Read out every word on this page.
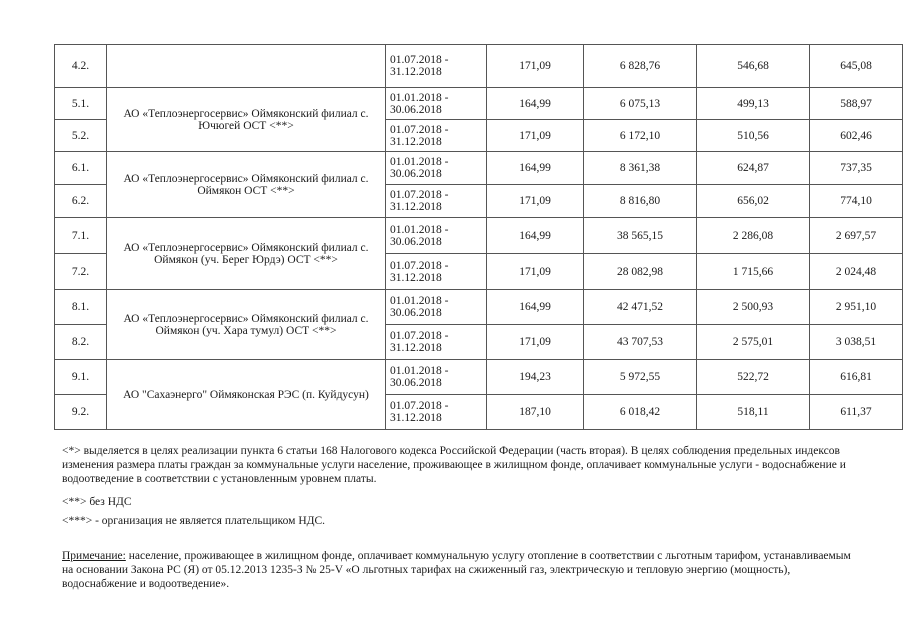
4.2.		01.07.2018 - 31.12.2018	171,09	6 828,76	546,68	645,08
5.1.	АО «Теплоэнергосервис» Оймяконский филиал с. Ючюгей ОСТ <**>	01.01.2018 - 30.06.2018	164,99	6 075,13	499,13	588,97
5.2.		01.07.2018 - 31.12.2018	171,09	6 172,10	510,56	602,46
6.1.	АО «Теплоэнергосервис» Оймяконский филиал с. Оймякон ОСТ <**>	01.01.2018 - 30.06.2018	164,99	8 361,38	624,87	737,35
6.2.		01.07.2018 - 31.12.2018	171,09	8 816,80	656,02	774,10
7.1.	АО «Теплоэнергосервис» Оймяконский филиал с. Оймякон (уч. Берег Юрдэ) ОСТ <**>	01.01.2018 - 30.06.2018	164,99	38 565,15	2 286,08	2 697,57
7.2.		01.07.2018 - 31.12.2018	171,09	28 082,98	1 715,66	2 024,48
8.1.	АО «Теплоэнергосервис» Оймяконский филиал с. Оймякон (уч. Хара тумул) ОСТ <**>	01.01.2018 - 30.06.2018	164,99	42 471,52	2 500,93	2 951,10
8.2.		01.07.2018 - 31.12.2018	171,09	43 707,53	2 575,01	3 038,51
9.1.	АО "Сахаэнерго" Оймяконская РЭС (п. Куйдусун)	01.01.2018 - 30.06.2018	194,23	5 972,55	522,72	616,81
9.2.		01.07.2018 - 31.12.2018	187,10	6 018,42	518,11	611,37
<*> выделяется в целях реализации пункта 6 статьи 168 Налогового кодекса Российской Федерации (часть вторая). В целях соблюдения предельных индексов изменения размера платы граждан за коммунальные услуги население, проживающее в жилищном фонде, оплачивает коммунальные услуги - водоснабжение и водоотведение в соответствии с установленным уровнем платы.
<**> без НДС
<***> - организация не является плательщиком НДС.
Примечание: население, проживающее в жилищном фонде, оплачивает коммунальную услугу отопление в соответствии с льготным тарифом, устанавливаемым на основании Закона РС (Я) от 05.12.2013 1235-З № 25-V «О льготных тарифах на сжиженный газ, электрическую и тепловую энергию (мощность), водоснабжение и водоотведение».
